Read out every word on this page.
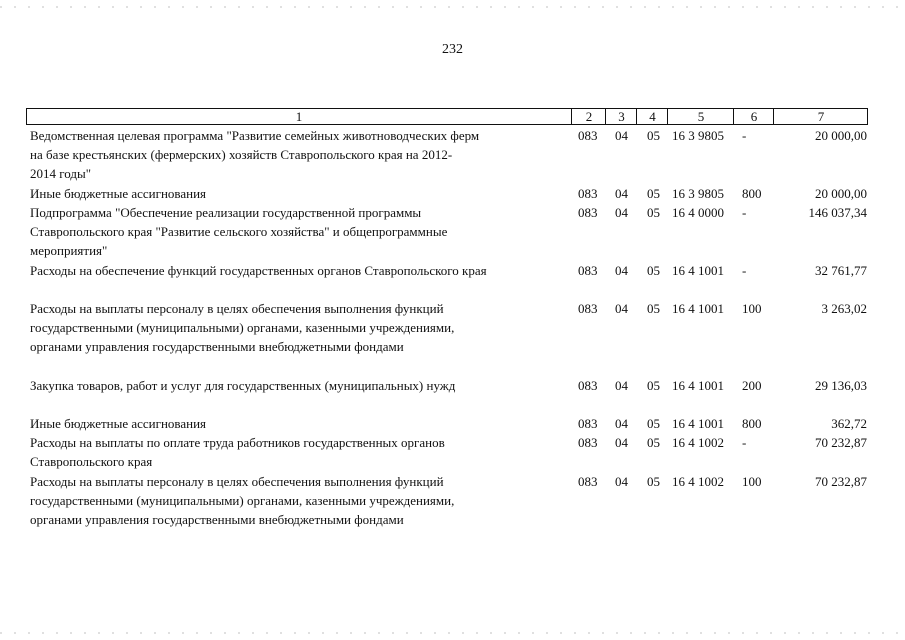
232
1	2	3	4	5	6	7
Ведомственная целевая программа "Развитие семейных животноводческих ферм
на базе крестьянских (фермерских) хозяйств Ставропольского края на 2012-
2014 годы"
083 04 05 16 3 9805 -	20 000,00
Иные бюджетные ассигнования	083 04 05 16 3 9805 800	20 000,00
Подпрограмма "Обеспечение реализации государственной программы
Ставропольского края "Развитие сельского хозяйства" и общепрограммные
мероприятия"
083 04 05 16 4 0000 -	146 037,34
Расходы на обеспечение функций государственных органов Ставропольского края	083 04 05 16 4 1001 -	32 761,77
Расходы на выплаты персоналу в целях обеспечения выполнения функций
государственными (муниципальными) органами, казенными учреждениями,
органами управления государственными внебюджетными фондами
083 04 05 16 4 1001 100	3 263,02
Закупка товаров, работ и услуг для государственных (муниципальных) нужд	083 04 05 16 4 1001 200	29 136,03
Иные бюджетные ассигнования	083 04 05 16 4 1001 800	362,72
Расходы на выплаты по оплате труда работников государственных органов
Ставропольского края
083 04 05 16 4 1002 -	70 232,87
Расходы на выплаты персоналу в целях обеспечения выполнения функций
государственными (муниципальными) органами, казенными учреждениями,
органами управления государственными внебюджетными фондами
083 04 05 16 4 1002 100	70 232,87
